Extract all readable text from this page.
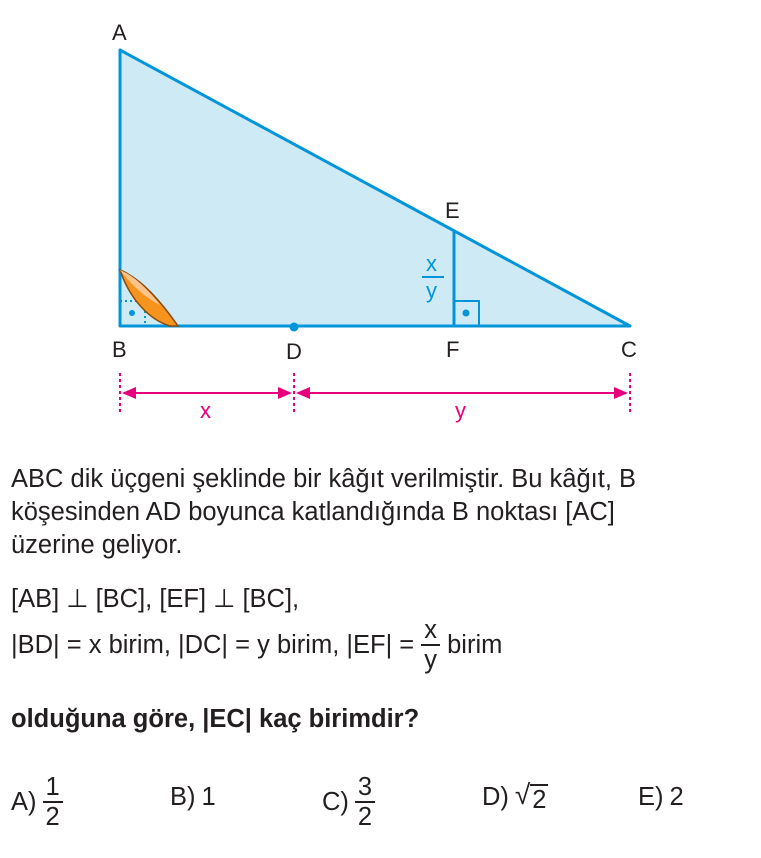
A
B	C
D
E
F
x
y
x	y
ABC dik üçgeni şeklinde bir kâğıt verilmiştir. Bu kâğıt, B
köşesinden AD boyunca katlandığında B noktası [AC]
üzerine geliyor.
[AB] ⊥ [BC], [EF] ⊥ [BC],
|BD| = x birim, |DC| = y birim, $|EF| = \frac{x}{y}$ birim
olduğuna göre, |EC| kaç birimdir?
$A) \frac{1}{2}$	B) 1	$C) \frac{3}{2}$	D) √ 2	E) 2
